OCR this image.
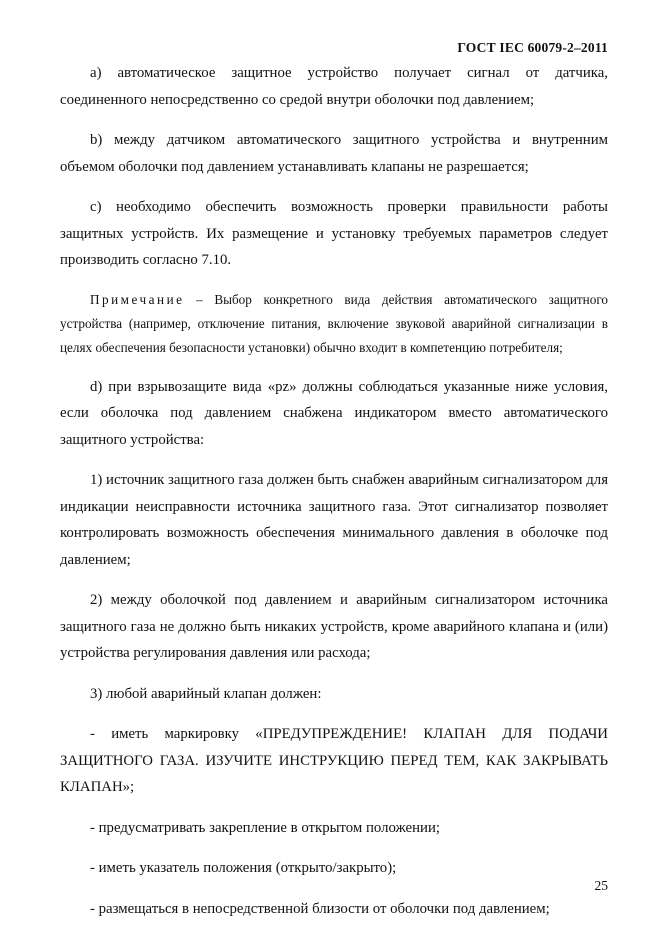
ГОСТ IEC 60079-2–2011

а) автоматическое защитное устройство получает сигнал от датчика, соединенного непосредственно со средой внутри оболочки под давлением;

b) между датчиком автоматического защитного устройства и внутренним объемом оболочки под давлением устанавливать клапаны не разрешается;

с) необходимо обеспечить возможность проверки правильности работы защитных устройств. Их размещение и установку требуемых параметров следует производить согласно 7.10.

Примечание – Выбор конкретного вида действия автоматического защитного устройства (например, отключение питания, включение звуковой аварийной сигнализации в целях обеспечения безопасности установки) обычно входит в компетенцию потребителя;

d) при взрывозащите вида «pz» должны соблюдаться указанные ниже условия, если оболочка под давлением снабжена индикатором вместо автоматического защитного устройства:

1) источник защитного газа должен быть снабжен аварийным сигнализатором для индикации неисправности источника защитного газа. Этот сигнализатор позволяет контролировать возможность обеспечения минимального давления в оболочке под давлением;

2) между оболочкой под давлением и аварийным сигнализатором источника защитного газа не должно быть никаких устройств, кроме аварийного клапана и (или) устройства регулирования давления или расхода;

3) любой аварийный клапан должен:

- иметь маркировку «ПРЕДУПРЕЖДЕНИЕ! КЛАПАН ДЛЯ ПОДАЧИ ЗАЩИТНОГО ГАЗА. ИЗУЧИТЕ ИНСТРУКЦИЮ ПЕРЕД ТЕМ, КАК ЗАКРЫВАТЬ КЛАПАН»;

- предусматривать закрепление в открытом положении;

- иметь указатель положения (открыто/закрыто);

- размещаться в непосредственной близости от оболочки под давлением;

25
